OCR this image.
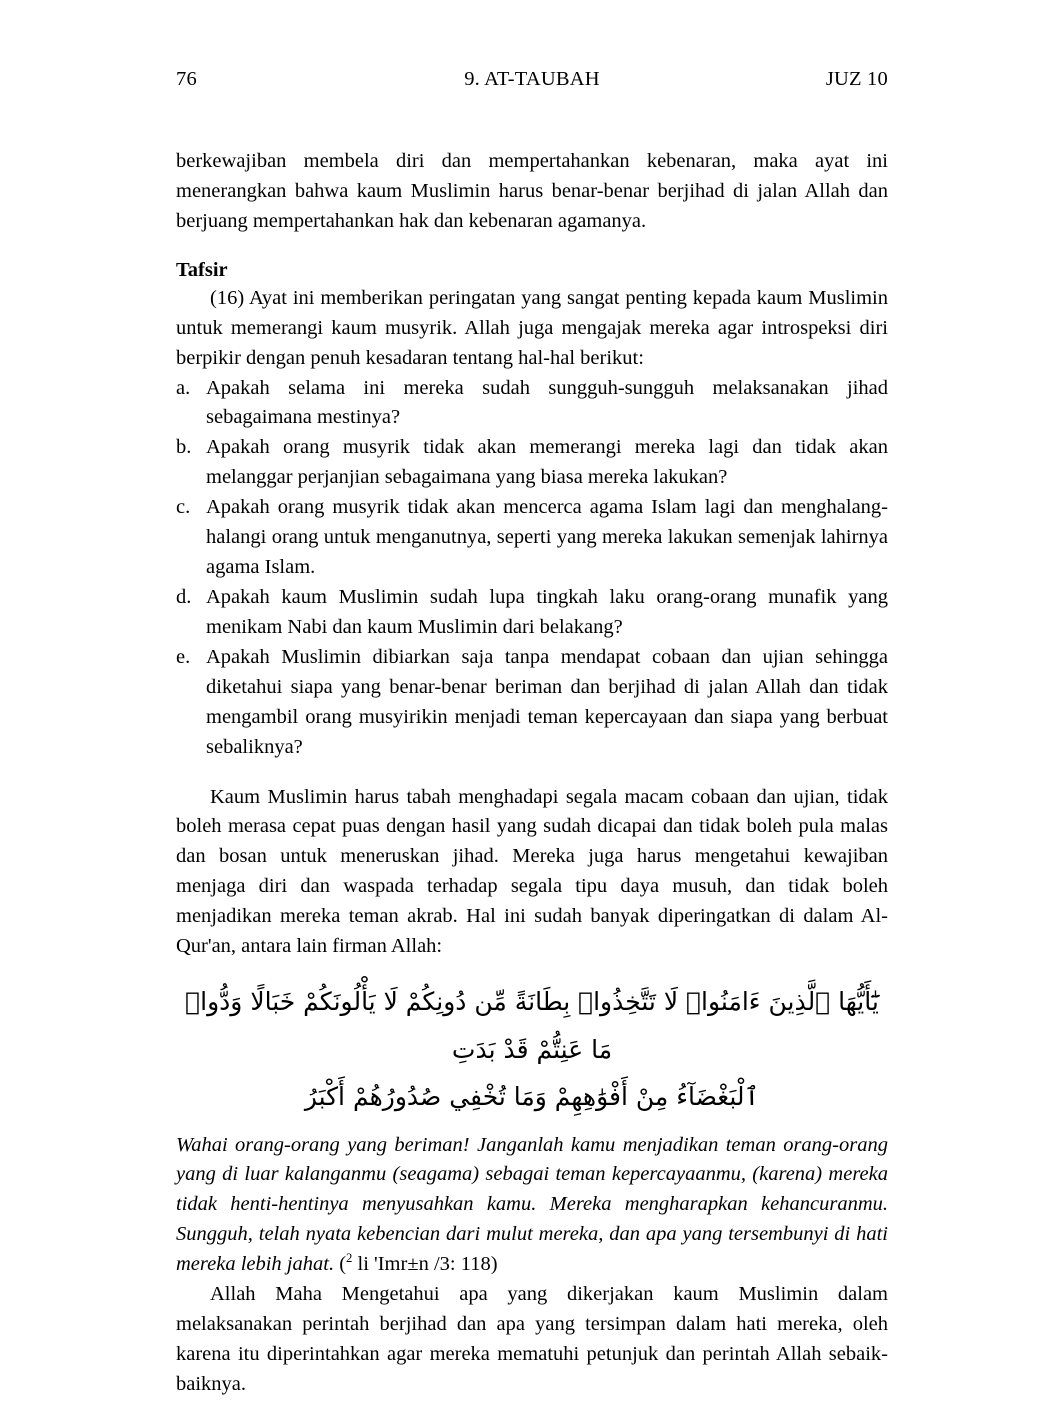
76	9. AT-TAUBAH	JUZ 10

berkewajiban membela diri dan mempertahankan kebenaran, maka ayat ini menerangkan bahwa kaum Muslimin harus benar-benar berjihad di jalan Allah dan berjuang mempertahankan hak dan kebenaran agamanya.

Tafsir

(16) Ayat ini memberikan peringatan yang sangat penting kepada kaum Muslimin untuk memerangi kaum musyrik. Allah juga mengajak mereka agar introspeksi diri berpikir dengan penuh kesadaran tentang hal-hal berikut:

a. Apakah selama ini mereka sudah sungguh-sungguh melaksanakan jihad sebagaimana mestinya?
b. Apakah orang musyrik tidak akan memerangi mereka lagi dan tidak akan melanggar perjanjian sebagaimana yang biasa mereka lakukan?
c. Apakah orang musyrik tidak akan mencerca agama Islam lagi dan menghalang-halangi orang untuk menganutnya, seperti yang mereka lakukan semenjak lahirnya agama Islam.
d. Apakah kaum Muslimin sudah lupa tingkah laku orang-orang munafik yang menikam Nabi dan kaum Muslimin dari belakang?
e. Apakah Muslimin dibiarkan saja tanpa mendapat cobaan dan ujian sehingga diketahui siapa yang benar-benar beriman dan berjihad di jalan Allah dan tidak mengambil orang musyirikin menjadi teman kepercayaan dan siapa yang berbuat sebaliknya?

Kaum Muslimin harus tabah menghadapi segala macam cobaan dan ujian, tidak boleh merasa cepat puas dengan hasil yang sudah dicapai dan tidak boleh pula malas dan bosan untuk meneruskan jihad. Mereka juga harus mengetahui kewajiban menjaga diri dan waspada terhadap segala tipu daya musuh, dan tidak boleh menjadikan mereka teman akrab. Hal ini sudah banyak diperingatkan di dalam Al-Qur'an, antara lain firman Allah:

يَٰٓأَيُّهَا ٱلَّذِينَ ءَامَنُوا۟ لَا تَتَّخِذُوا۟ بِطَانَةً مِّن دُونِكُمْ لَا يَأْلُونَكُمْ خَبَالًا وَدُّوا۟ مَا عَنِتُّمْ قَدْ بَدَتِ
ٱلْبَغْضَآءُ مِنْ أَفْوَٰهِهِمْ وَمَا تُخْفِي صُدُورُهُمْ أَكْبَرُ

Wahai orang-orang yang beriman! Janganlah kamu menjadikan teman orang-orang yang di luar kalanganmu (seagama) sebagai teman kepercayaanmu, (karena) mereka tidak henti-hentinya menyusahkan kamu. Mereka mengharapkan kehancuranmu. Sungguh, telah nyata kebencian dari mulut mereka, dan apa yang tersembunyi di hati mereka lebih jahat. ($^2$ li 'Imr±n /3: 118)

Allah Maha Mengetahui apa yang dikerjakan kaum Muslimin dalam melaksanakan perintah berjihad dan apa yang tersimpan dalam hati mereka, oleh karena itu diperintahkan agar mereka mematuhi petunjuk dan perintah Allah sebaik-baiknya.
